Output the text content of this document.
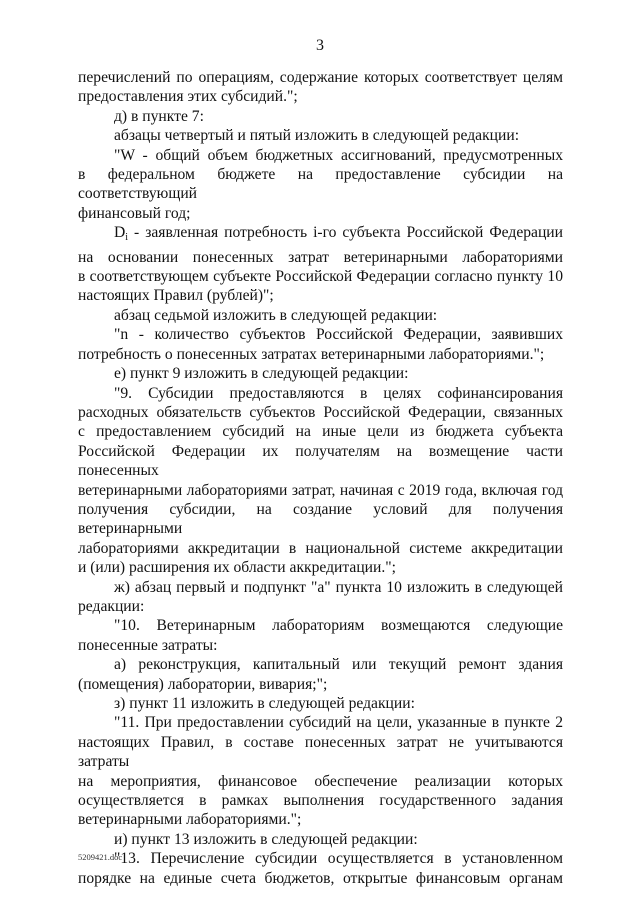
3

перечислений по операциям, содержание которых соответствует целям

предоставления этих субсидий.";

д) в пункте 7:

абзацы четвертый и пятый изложить в следующей редакции:

"W - общий объем бюджетных ассигнований, предусмотренных

в федеральном бюджете на предоставление субсидии на соответствующий

финансовый год;

$D_i$ - заявленная потребность i-го субъекта Российской Федерации

на основании понесенных затрат ветеринарными лабораториями

в соответствующем субъекте Российской Федерации согласно пункту 10

настоящих Правил (рублей)";

абзац седьмой изложить в следующей редакции:

"n - количество субъектов Российской Федерации, заявивших

потребность о понесенных затратах ветеринарными лабораториями.";

е) пункт 9 изложить в следующей редакции:

"9. Субсидии предоставляются в целях софинансирования

расходных обязательств субъектов Российской Федерации, связанных

с предоставлением субсидий на иные цели из бюджета субъекта

Российской Федерации их получателям на возмещение части понесенных

ветеринарными лабораториями затрат, начиная с 2019 года, включая год

получения субсидии, на создание условий для получения ветеринарными

лабораториями аккредитации в национальной системе аккредитации

и (или) расширения их области аккредитации.";

ж) абзац первый и подпункт "а" пункта 10 изложить в следующей

редакции:

"10. Ветеринарным лабораториям возмещаются следующие

понесенные затраты:

а) реконструкция, капитальный или текущий ремонт здания

(помещения) лаборатории, вивария;";

з) пункт 11 изложить в следующей редакции:

"11. При предоставлении субсидий на цели, указанные в пункте 2

настоящих Правил, в составе понесенных затрат не учитываются затраты

на мероприятия, финансовое обеспечение реализации которых

осуществляется в рамках выполнения государственного задания

ветеринарными лабораториями.";

и) пункт 13 изложить в следующей редакции:

"13. Перечисление субсидии осуществляется в установленном

порядке на единые счета бюджетов, открытые финансовым органам

5209421.doc
